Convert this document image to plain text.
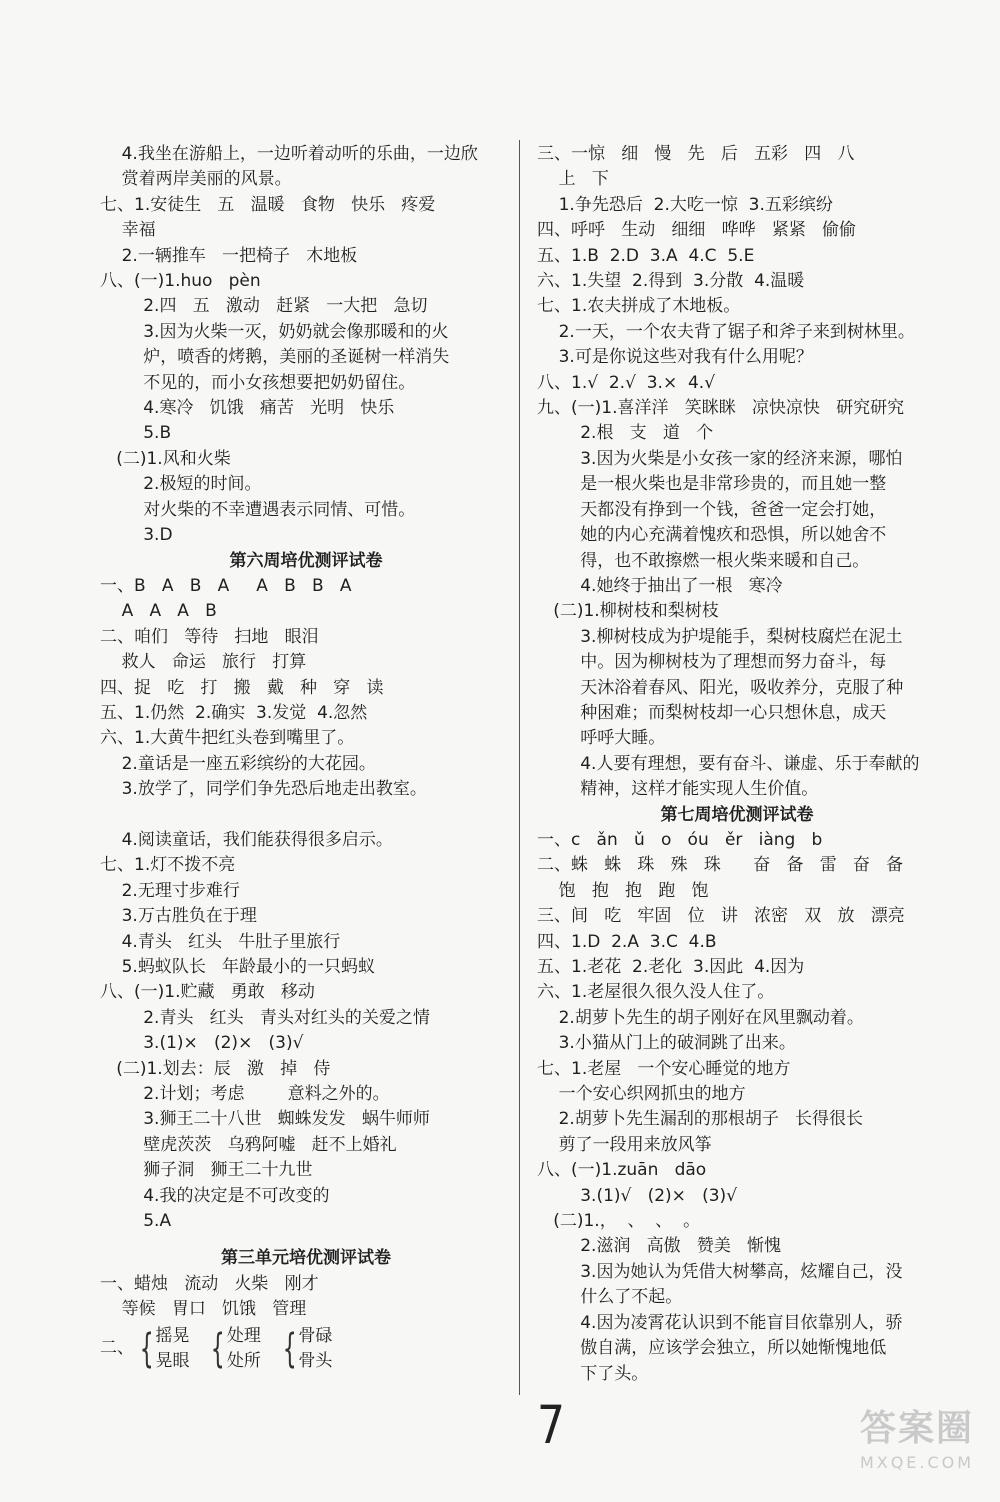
4.我坐在游船上，一边听着动听的乐曲，一边欣
赏着两岸美丽的风景。
七、1.安徒生   五   温暖   食物   快乐   疼爱
幸福
2.一辆推车   一把椅子   木地板
八、(一)1.huo   pèn
2.四   五   激动   赶紧   一大把   急切
3.因为火柴一灭，奶奶就会像那暖和的火
炉，喷香的烤鹅，美丽的圣诞树一样消失
不见的，而小女孩想要把奶奶留住。
4.寒冷   饥饿   痛苦   光明   快乐
5.B
(二)1.风和火柴
2.极短的时间。
对火柴的不幸遭遇表示同情、可惜。
3.D
第六周培优测评试卷
一、B   A   B   A     A   B   B   A
A   A   A   B
二、咱们   等待   扫地   眼泪
救人   命运   旅行   打算
四、捉   吃   打   搬   戴   种   穿   读
五、1.仍然  2.确实  3.发觉  4.忽然
六、1.大黄牛把红头卷到嘴里了。
2.童话是一座五彩缤纷的大花园。
3.放学了，同学们争先恐后地走出教室。

4.阅读童话，我们能获得很多启示。
七、1.灯不拨不亮
2.无理寸步难行
3.万古胜负在于理
4.青头   红头   牛肚子里旅行
5.蚂蚁队长   年龄最小的一只蚂蚁
八、(一)1.贮藏   勇敢   移动
2.青头   红头   青头对红头的关爱之情
3.(1)×   (2)×   (3)√
(二)1.划去：辰   激   掉   侍
2.计划；考虑        意料之外的。
3.狮王二十八世   蜘蛛发发   蜗牛师师
壁虎茨茨   乌鸦阿嘘   赶不上婚礼
狮子洞   狮王二十九世
4.我的决定是不可改变的
5.A
第三单元培优测评试卷
一、蜡烛   流动   火柴   刚才
等候   胃口   饥饿   管理
二、 { 摇晃
晃眼 { 处理
处所 { 骨碌
骨头
三、一惊   细   慢   先   后   五彩   四   八
上   下
1.争先恐后  2.大吃一惊  3.五彩缤纷
四、呼呼   生动   细细   哗哗   紧紧   偷偷
五、1.B  2.D  3.A  4.C  5.E
六、1.失望  2.得到  3.分散  4.温暖
七、1.农夫拼成了木地板。
2.一天，一个农夫背了锯子和斧子来到树林里。
3.可是你说这些对我有什么用呢？
八、1.√  2.√  3.×  4.√
九、(一)1.喜洋洋   笑眯眯   凉快凉快   研究研究
2.根   支   道   个
3.因为火柴是小女孩一家的经济来源，哪怕
是一根火柴也是非常珍贵的，而且她一整
天都没有挣到一个钱，爸爸一定会打她，
她的内心充满着愧疚和恐惧，所以她舍不
得，也不敢擦燃一根火柴来暖和自己。
4.她终于抽出了一根   寒冷
(二)1.柳树枝和梨树枝
3.柳树枝成为护堤能手，梨树枝腐烂在泥土
中。因为柳树枝为了理想而努力奋斗，每
天沐浴着春风、阳光，吸收养分，克服了种
种困难；而梨树枝却一心只想休息，成天
呼呼大睡。
4.人要有理想，要有奋斗、谦虚、乐于奉献的
精神，这样才能实现人生价值。
第七周培优测评试卷
一、c   ǎn   ǔ   o   óu   ěr   iàng   b
二、蛛   蛛   珠   殊   珠      奋   备   雷   奋   备
饱   抱   抱   跑   饱
三、间   吃   牢固   位   讲   浓密   双   放   漂亮
四、1.D  2.A  3.C  4.B
五、1.老花  2.老化  3.因此  4.因为
六、1.老屋很久很久没人住了。
2.胡萝卜先生的胡子刚好在风里飘动着。
3.小猫从门上的破洞跳了出来。
七、1.老屋   一个安心睡觉的地方
一个安心织网抓虫的地方
2.胡萝卜先生漏刮的那根胡子   长得很长
剪了一段用来放风筝
八、(一)1.zuān   dāo
3.(1)√   (2)×   (3)√
(二)1.，  、  、  。
2.滋润   高傲   赞美   惭愧
3.因为她认为凭借大树攀高，炫耀自己，没
什么了不起。
4.因为凌霄花认识到不能盲目依靠别人，骄
傲自满，应该学会独立，所以她惭愧地低
下了头。
7	答案圈
MXQE.COM
